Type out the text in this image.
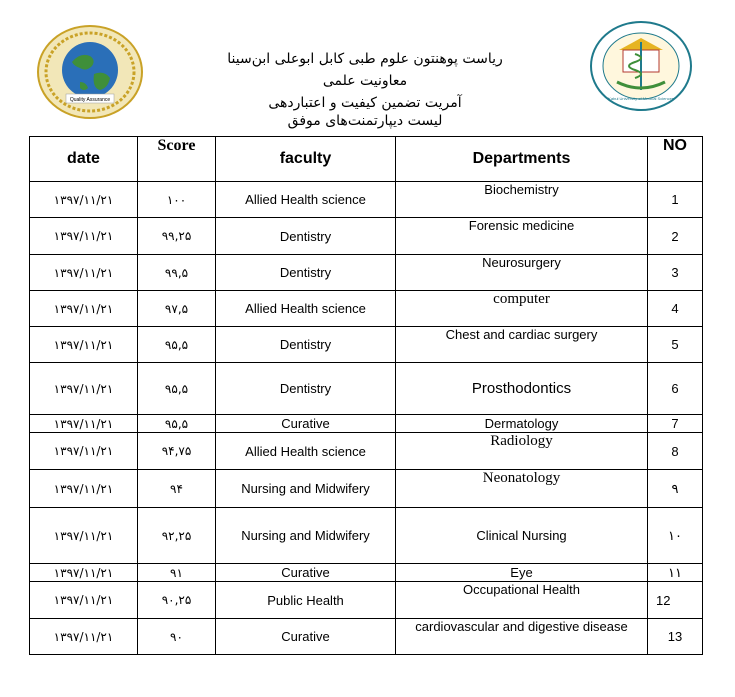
Quality Assurance	Kabul University of Medical Sciences
ریاست پوهنتون علوم طبی کابل ابوعلی ابن‌سینا
معاونیت علمی
آمریت تضمین کیفیت و اعتباردهی
لیست دیپارتمنت‌های موفق
date	Score	faculty	Departments	NO
۱۳۹۷/۱۱/۲۱	۱۰۰	Allied Health science	Biochemistry	1
۱۳۹۷/۱۱/۲۱	۹۹,۲۵	Dentistry	Forensic medicine	2
۱۳۹۷/۱۱/۲۱	۹۹,۵	Dentistry	Neurosurgery	3
۱۳۹۷/۱۱/۲۱	۹۷,۵	Allied Health science	computer	4
۱۳۹۷/۱۱/۲۱	۹۵,۵	Dentistry	Chest and cardiac surgery	5
۱۳۹۷/۱۱/۲۱	۹۵,۵	Dentistry	Prosthodontics	6
۱۳۹۷/۱۱/۲۱	۹۵,۵	Curative	Dermatology	7
۱۳۹۷/۱۱/۲۱	۹۴,۷۵	Allied Health science	Radiology	8
۱۳۹۷/۱۱/۲۱	۹۴	Nursing and Midwifery	Neonatology	۹
۱۳۹۷/۱۱/۲۱	۹۲,۲۵	Nursing and Midwifery	Clinical Nursing	۱۰
۱۳۹۷/۱۱/۲۱	۹۱	Curative	Eye	۱۱
۱۳۹۷/۱۱/۲۱	۹۰,۲۵	Public Health	Occupational Health	12
۱۳۹۷/۱۱/۲۱	۹۰	Curative	cardiovascular and digestive disease	13
